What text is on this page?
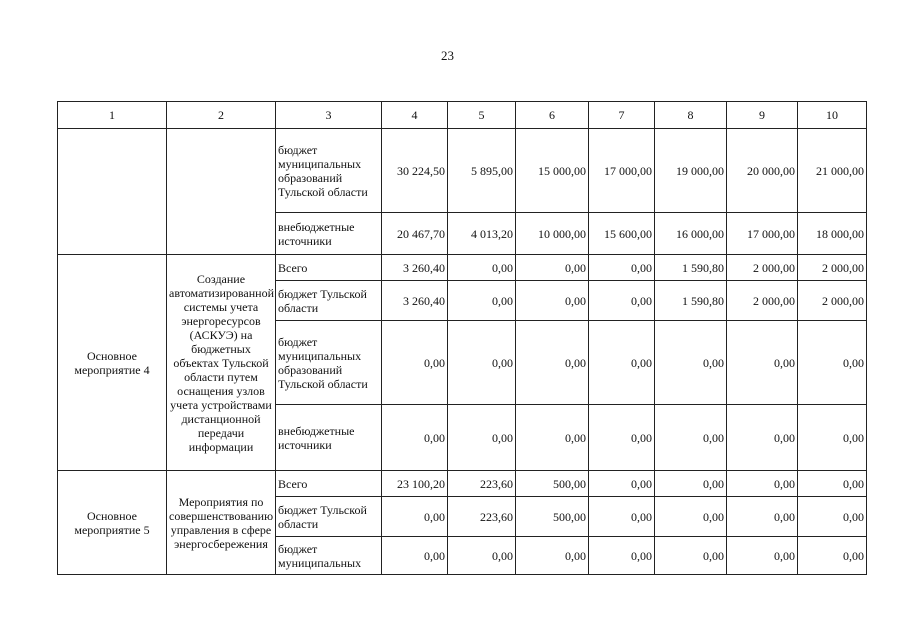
23
1	2	3	4	5	6	7	8	9	10
		бюджет муниципальных образований Тульской области	30 224,50	5 895,00	15 000,00	17 000,00	19 000,00	20 000,00	21 000,00
		внебюджетные источники	20 467,70	4 013,20	10 000,00	15 600,00	16 000,00	17 000,00	18 000,00
Основное мероприятие 4	Создание автоматизированной системы учета энергоресурсов (АСКУЭ) на бюджетных объектах Тульской области путем оснащения узлов учета устройствами дистанционной передачи информации	Всего	3 260,40	0,00	0,00	0,00	1 590,80	2 000,00	2 000,00
		бюджет Тульской области	3 260,40	0,00	0,00	0,00	1 590,80	2 000,00	2 000,00
		бюджет муниципальных образований Тульской области	0,00	0,00	0,00	0,00	0,00	0,00	0,00
		внебюджетные источники	0,00	0,00	0,00	0,00	0,00	0,00	0,00
Основное мероприятие 5	Мероприятия по совершенствованию управления в сфере энергосбережения	Всего	23 100,20	223,60	500,00	0,00	0,00	0,00	0,00
		бюджет Тульской области	0,00	223,60	500,00	0,00	0,00	0,00	0,00
		бюджет муниципальных	0,00	0,00	0,00	0,00	0,00	0,00	0,00
